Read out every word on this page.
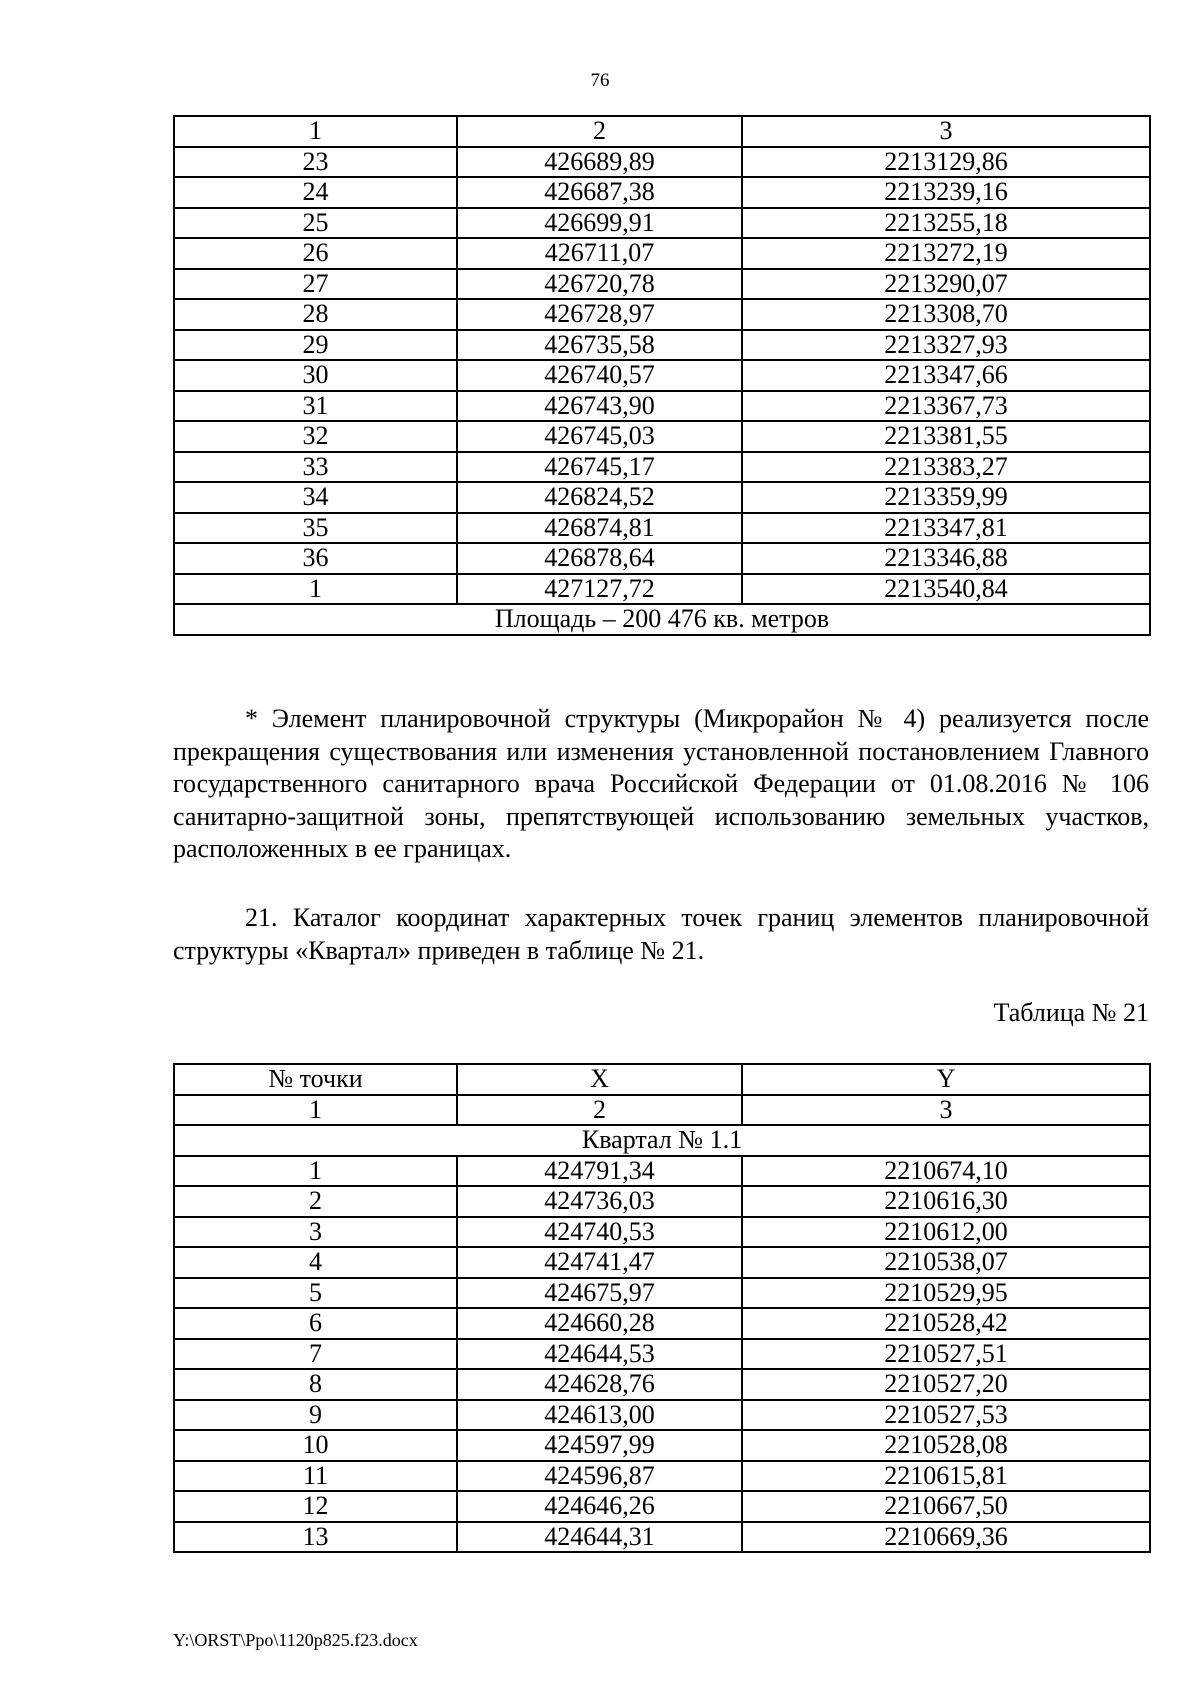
76
1	2	3
23	426689,89	2213129,86
24	426687,38	2213239,16
25	426699,91	2213255,18
26	426711,07	2213272,19
27	426720,78	2213290,07
28	426728,97	2213308,70
29	426735,58	2213327,93
30	426740,57	2213347,66
31	426743,90	2213367,73
32	426745,03	2213381,55
33	426745,17	2213383,27
34	426824,52	2213359,99
35	426874,81	2213347,81
36	426878,64	2213346,88
1	427127,72	2213540,84
Площадь – 200 476 кв. метров		

* Элемент планировочной структуры (Микрорайон № 4) реализуется после прекращения существования или изменения установленной постановлением Главного государственного санитарного врача Российской Федерации от 01.08.2016 № 106 санитарно-защитной зоны, препятствующей использованию земельных участков, расположенных в ее границах.

21. Каталог координат характерных точек границ элементов планировочной структуры «Квартал» приведен в таблице № 21.

Таблица № 21
№ точки	X	Y
1	2	3
Квартал № 1.1		
1	424791,34	2210674,10
2	424736,03	2210616,30
3	424740,53	2210612,00
4	424741,47	2210538,07
5	424675,97	2210529,95
6	424660,28	2210528,42
7	424644,53	2210527,51
8	424628,76	2210527,20
9	424613,00	2210527,53
10	424597,99	2210528,08
11	424596,87	2210615,81
12	424646,26	2210667,50
13	424644,31	2210669,36
Y:\ORST\Ppo\1120p825.f23.docx
